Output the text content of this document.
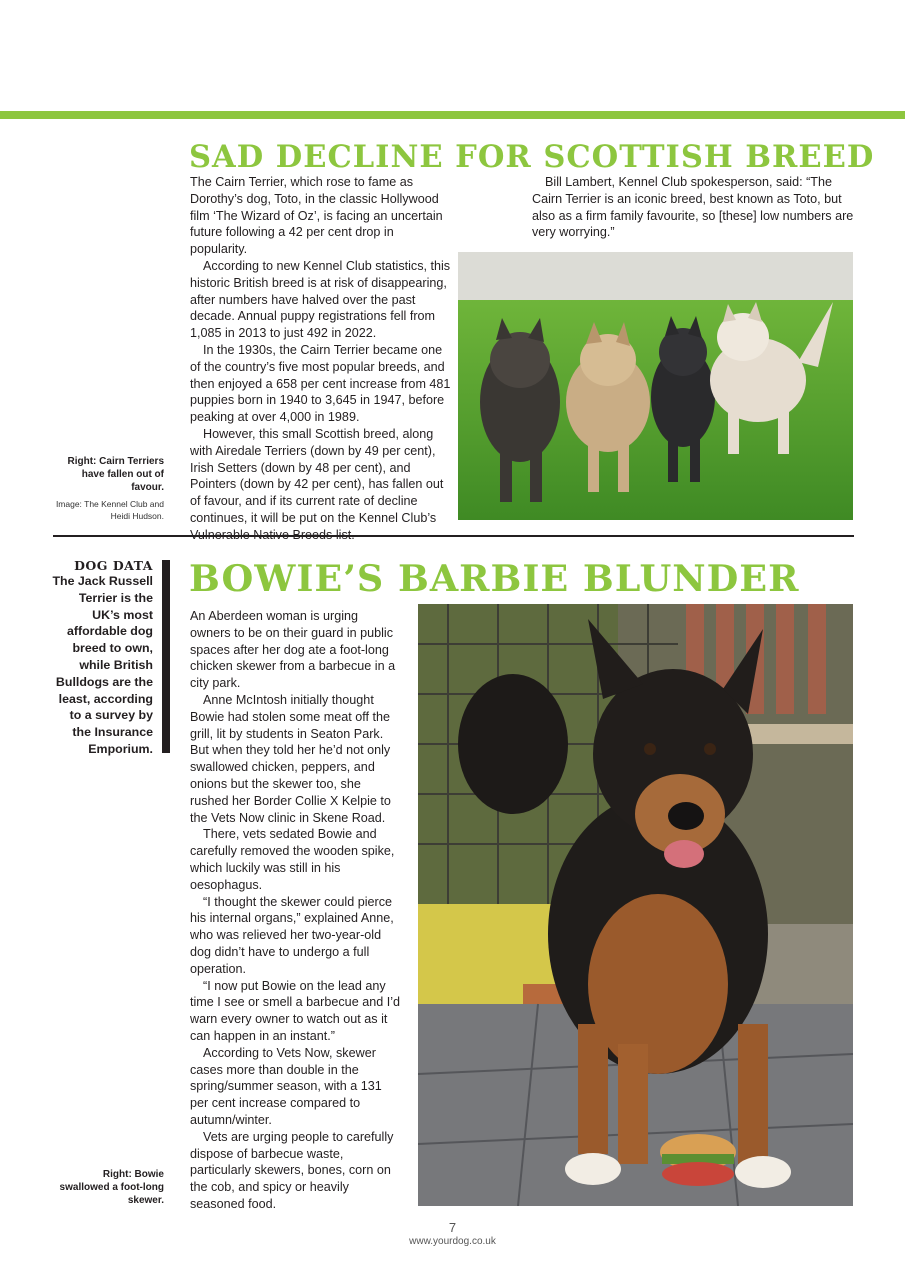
SAD DECLINE FOR SCOTTISH BREED

The Cairn Terrier, which rose to fame as Dorothy’s dog, Toto, in the classic Hollywood film ‘The Wizard of Oz’, is facing an uncertain future following a 42 per cent drop in popularity.

According to new Kennel Club statistics, this historic British breed is at risk of disappearing, after numbers have halved over the past decade. Annual puppy registrations fell from 1,085 in 2013 to just 492 in 2022.

In the 1930s, the Cairn Terrier became one of the country’s five most popular breeds, and then enjoyed a 658 per cent increase from 481 puppies born in 1940 to 3,645 in 1947, before peaking at over 4,000 in 1989.

However, this small Scottish breed, along with Airedale Terriers (down by 49 per cent), Irish Setters (down by 48 per cent), and Pointers (down by 42 per cent), has fallen out of favour, and if its current rate of decline continues, it will be put on the Kennel Club’s

Bill Lambert, Kennel Club spokesperson, said: “The Cairn Terrier is an iconic breed, best known as Toto, but also as a firm family favourite, so [these] low numbers are very worrying.”

Right: Cairn Terriers have fallen out of favour.
Image: The Kennel Club and Heidi Hudson.
DOG DATA
The Jack Russell Terrier is the UK’s most affordable dog breed to own, while British Bulldogs are the least, according to a survey by the Insurance Emporium.
BOWIE’S BARBIE BLUNDER

An Aberdeen woman is urging owners to be on their guard in public spaces after her dog ate a foot-long chicken skewer from a barbecue in a city park.

Anne McIntosh initially thought Bowie had stolen some meat off the grill, lit by students in Seaton Park. But when they told her he’d not only swallowed chicken, peppers, and onions but the skewer too, she rushed her Border Collie X Kelpie to the Vets Now clinic in Skene Road.

There, vets sedated Bowie and carefully removed the wooden spike, which luckily was still in his oesophagus.

“I thought the skewer could pierce his internal organs,” explained Anne, who was relieved her two-year-old dog didn’t have to undergo a full operation.

“I now put Bowie on the lead any time I see or smell a barbecue and I’d warn every owner to watch out as it can happen in an instant.”

According to Vets Now, skewer cases more than double in the spring/summer season, with a 131 per cent increase compared to autumn/winter.

Vets are urging people to carefully dispose of barbecue waste, particularly skewers, bones, corn on the cob, and spicy or heavily seasoned food.

Right: Bowie swallowed a foot-long skewer.
7
www.yourdog.co.uk
